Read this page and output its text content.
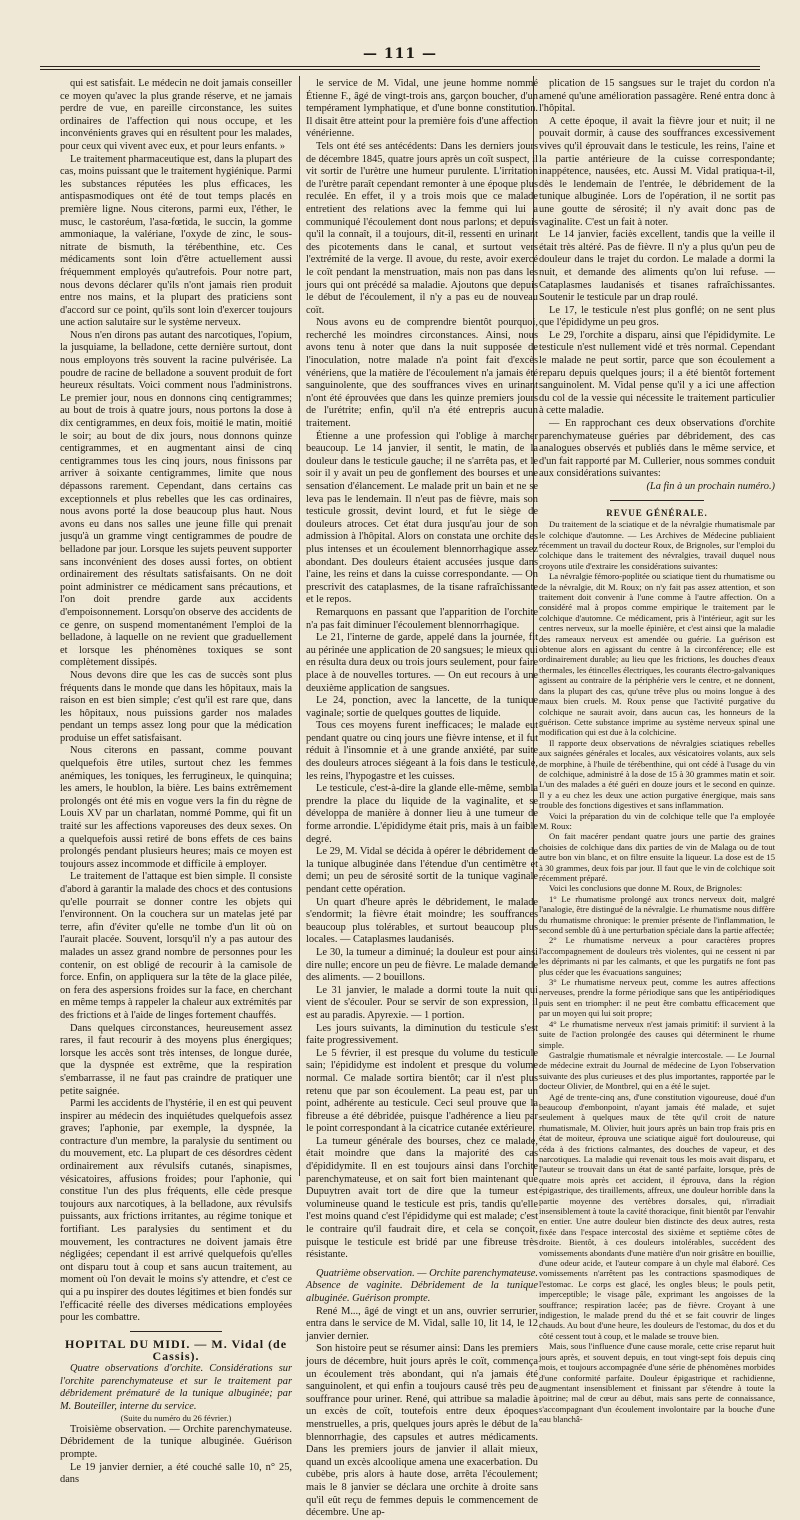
— 111 —

qui est satisfait. Le médecin ne doit jamais conseiller ce moyen qu'avec la plus grande réserve, et ne jamais perdre de vue, en pareille circonstance, les suites ordinaires de l'affection qui nous occupe, et les inconvénients graves qui en résultent pour les malades, pour ceux qui vivent avec eux, et pour leurs enfants. »

Le traitement pharmaceutique est, dans la plupart des cas, moins puissant que le traitement hygiénique. Parmi les substances réputées les plus efficaces, les antispasmodiques ont été de tout temps placés en première ligne. Nous citerons, parmi eux, l'éther, le musc, le castoréum, l'asa-fœtida, le succin, la gomme ammoniaque, la valériane, l'oxyde de zinc, le sous-nitrate de bismuth, la térébenthine, etc. Ces médicaments sont loin d'être actuellement aussi fréquemment employés qu'autrefois. Pour notre part, nous devons déclarer qu'ils n'ont jamais rien produit entre nos mains, et la plupart des praticiens sont d'accord sur ce point, qu'ils sont loin d'exercer toujours une action salutaire sur le système nerveux.

Nous n'en dirons pas autant des narcotiques, l'opium, la jusquiame, la belladone, cette dernière surtout, dont nous employons très souvent la racine pulvérisée. La poudre de racine de belladone a souvent produit de fort heureux résultats. Voici comment nous l'administrons. Le premier jour, nous en donnons cinq centigrammes; au bout de trois à quatre jours, nous portons la dose à dix centigrammes, en deux fois, moitié le matin, moitié le soir; au bout de dix jours, nous donnons quinze centigrammes, et en augmentant ainsi de cinq centigrammes tous les cinq jours, nous finissons par arriver à soixante centigrammes, limite que nous dépassons rarement. Cependant, dans certains cas exceptionnels et plus rebelles que les cas ordinaires, nous avons porté la dose beaucoup plus haut. Nous avons eu dans nos salles une jeune fille qui prenait jusqu'à un gramme vingt centigrammes de poudre de belladone par jour. Lorsque les sujets peuvent supporter sans inconvénient des doses aussi fortes, on obtient ordinairement des résultats satisfaisants. On ne doit point administrer ce médicament sans précautions, et l'on doit prendre garde aux accidents d'empoisonnement. Lorsqu'on observe des accidents de ce genre, on suspend momentanément l'emploi de la belladone, à laquelle on ne revient que graduellement et lorsque les phénomènes toxiques se sont complètement dissipés.

Nous devons dire que les cas de succès sont plus fréquents dans le monde que dans les hôpitaux, mais la raison en est bien simple; c'est qu'il est rare que, dans les hôpitaux, nous puissions garder nos malades pendant un temps assez long pour que la médication produise un effet satisfaisant.

Nous citerons en passant, comme pouvant quelquefois être utiles, surtout chez les femmes anémiques, les toniques, les ferrugineux, le quinquina; les amers, le houblon, la bière. Les bains extrêmement prolongés ont été mis en vogue vers la fin du règne de Louis XV par un charlatan, nommé Pomme, qui fit un traité sur les affections vaporeuses des deux sexes. On a quelquefois aussi retiré de bons effets de ces bains prolongés pendant plusieurs heures; mais ce moyen est toujours assez incommode et difficile à employer.

Le traitement de l'attaque est bien simple. Il consiste d'abord à garantir la malade des chocs et des contusions qu'elle pourrait se donner contre les objets qui l'environnent. On la couchera sur un matelas jeté par terre, afin d'éviter qu'elle ne tombe d'un lit où on l'aurait placée. Souvent, lorsqu'il n'y a pas autour des malades un assez grand nombre de personnes pour les contenir, on est obligé de recourir à la camisole de force. Enfin, on appliquera sur la tête de la glace pilée, on fera des aspersions froides sur la face, en cherchant en même temps à rappeler la chaleur aux extrémités par des frictions et à l'aide de linges fortement chauffés.

Dans quelques circonstances, heureusement assez rares, il faut recourir à des moyens plus énergiques; lorsque les accès sont très intenses, de longue durée, que la dyspnée est extrême, que la respiration s'embarrasse, il ne faut pas craindre de pratiquer une petite saignée.

Parmi les accidents de l'hystérie, il en est qui peuvent inspirer au médecin des inquiétudes quelquefois assez graves; l'aphonie, par exemple, la dyspnée, la contracture d'un membre, la paralysie du sentiment ou du mouvement, etc. La plupart de ces désordres cèdent ordinairement aux révulsifs cutanés, sinapismes, vésicatoires, affusions froides; pour l'aphonie, qui constitue l'un des plus fréquents, elle cède presque toujours aux narcotiques, à la belladone, aux révulsifs puissants, aux frictions irritantes, au régime tonique et fortifiant. Les paralysies du sentiment et du mouvement, les contractures ne doivent jamais être négligées; cependant il est arrivé quelquefois qu'elles ont disparu tout à coup et sans aucun traitement, au moment où l'on devait le moins s'y attendre, et c'est ce qui a pu inspirer des doutes légitimes et bien fondés sur l'efficacité réelle des diverses médications employées pour les combattre.

HOPITAL DU MIDI. — M. Vidal (de Cassis).

Quatre observations d'orchite. Considérations sur l'orchite parenchymateuse et sur le traitement par débridement prématuré de la tunique albuginée; par M. Bouteiller, interne du service.

(Suite du numéro du 26 février.)

Troisième observation. — Orchite parenchymateuse. Débridement de la tunique albuginée. Guérison prompte.

Le 19 janvier dernier, a été couché salle 10, n° 25, dans

le service de M. Vidal, une jeune homme nommé Étienne F., âgé de vingt-trois ans, garçon boucher, d'un tempérament lymphatique, et d'une bonne constitution. Il disait être atteint pour la première fois d'une affection vénérienne.

Tels ont été ses antécédents: Dans les derniers jours de décembre 1845, quatre jours après un coït suspect, il vit sortir de l'urètre une humeur purulente. L'irritation de l'urètre paraît cependant remonter à une époque plus reculée. En effet, il y a trois mois que ce malade entretient des relations avec la femme qui lui a communiqué l'écoulement dont nous parlons; et depuis qu'il la connaît, il a toujours, dit-il, ressenti en urinant des picotements dans le canal, et surtout vers l'extrémité de la verge. Il avoue, du reste, avoir exercé le coït pendant la menstruation, mais non pas dans les jours qui ont précédé sa maladie. Ajoutons que depuis le début de l'écoulement, il n'y a pas eu de nouveau coït.

Nous avons eu de comprendre bientôt pourquoi, recherché les moindres circonstances. Ainsi, nous avons tenu à noter que dans la nuit supposée de l'inoculation, notre malade n'a point fait d'excès vénériens, que la matière de l'écoulement n'a jamais été sanguinolente, que des souffrances vives en urinant n'ont été éprouvées que dans les quinze premiers jours de l'urétrite; enfin, qu'il n'a été entrepris aucun traitement.

Étienne a une profession qui l'oblige à marcher beaucoup. Le 14 janvier, il sentit, le matin, de la douleur dans le testicule gauche; il ne s'arrêta pas, et le soir il y avait un peu de gonflement des bourses et une sensation d'élancement. Le malade prit un bain et ne se leva pas le lendemain. Il n'eut pas de fièvre, mais son testicule grossit, devint lourd, et fut le siège de douleurs atroces. Cet état dura jusqu'au jour de son admission à l'hôpital. Alors on constata une orchite des plus intenses et un écoulement blennorrhagique assez abondant. Des douleurs étaient accusées jusque dans l'aine, les reins et dans la cuisse correspondante. — On prescrivit des cataplasmes, de la tisane rafraîchissante et le repos.

Remarquons en passant que l'apparition de l'orchite n'a pas fait diminuer l'écoulement blennorrhagique.

Le 21, l'interne de garde, appelé dans la journée, fit au périnée une application de 20 sangsues; le mieux qui en résulta dura deux ou trois jours seulement, pour faire place à de nouvelles tortures. — On eut recours à une deuxième application de sangsues.

Le 24, ponction, avec la lancette, de la tunique vaginale; sortie de quelques gouttes de liquide.

Tous ces moyens furent inefficaces; le malade eut pendant quatre ou cinq jours une fièvre intense, et il fut réduit à l'insomnie et à une grande anxiété, par suite des douleurs atroces siégeant à la fois dans le testicule, les reins, l'hypogastre et les cuisses.

Le testicule, c'est-à-dire la glande elle-même, sembla prendre la place du liquide de la vaginalite, et se développa de manière à donner lieu à une tumeur de forme arrondie. L'épididyme était pris, mais à un faible degré.

Le 29, M. Vidal se décida à opérer le débridement de la tunique albuginée dans l'étendue d'un centimètre et demi; un peu de sérosité sortit de la tunique vaginale pendant cette opération.

Un quart d'heure après le débridement, le malade s'endormit; la fièvre était moindre; les souffrances beaucoup plus tolérables, et surtout beaucoup plus locales. — Cataplasmes laudanisés.

Le 30, la tumeur a diminué; la douleur est pour ainsi dire nulle; encore un peu de fièvre. Le malade demande des aliments. — 2 bouillons.

Le 31 janvier, le malade a dormi toute la nuit qui vient de s'écouler. Pour se servir de son expression, il est au paradis. Apyrexie. — 1 portion.

Les jours suivants, la diminution du testicule s'est faite progressivement.

Le 5 février, il est presque du volume du testicule sain; l'épididyme est indolent et presque du volume normal. Ce malade sortira bientôt; car il n'est plus retenu que par son écoulement. La peau est, par un point, adhérente au testicule. Ceci seul prouve que la fibreuse a été débridée, puisque l'adhérence a lieu par le point correspondant à la cicatrice cutanée extérieure.

La tumeur générale des bourses, chez ce malade, était moindre que dans la majorité des cas d'épididymite. Il en est toujours ainsi dans l'orchite parenchymateuse, et on sait fort bien maintenant que Dupuytren avait tort de dire que la tumeur est volumineuse quand le testicule est pris, tandis qu'elle l'est moins quand c'est l'épididyme qui est malade; c'est le contraire qu'il faudrait dire, et cela se conçoit, puisque le testicule est bridé par une fibreuse très résistante.

Quatrième observation. — Orchite parenchymateuse. Absence de vaginite. Débridement de la tunique albuginée. Guérison prompte.

René M..., âgé de vingt et un ans, ouvrier serrurier, entra dans le service de M. Vidal, salle 10, lit 14, le 12 janvier dernier.

Son histoire peut se résumer ainsi: Dans les premiers jours de décembre, huit jours après le coït, commença un écoulement très abondant, qui n'a jamais été sanguinolent, et qui enfin a toujours causé très peu de souffrance pour uriner. René, qui attribue sa maladie à un excès de coït, toutefois entre deux époques menstruelles, a pris, quelques jours après le début de la blennorrhagie, des capsules et autres médicaments. Dans les premiers jours de janvier il allait mieux, quand un excès alcoolique amena une exacerbation. Du cubèbe, pris alors à haute dose, arrêta l'écoulement; mais le 8 janvier se déclara une orchite à droite sans qu'il eût reçu de femmes depuis le commencement de décembre. Une ap-

plication de 15 sangsues sur le trajet du cordon n'a amené qu'une amélioration passagère. René entra donc à l'hôpital.

A cette époque, il avait la fièvre jour et nuit; il ne pouvait dormir, à cause des souffrances excessivement vives qu'il éprouvait dans le testicule, les reins, l'aine et la partie antérieure de la cuisse correspondante; inappétence, nausées, etc. Aussi M. Vidal pratiqua-t-il, dès le lendemain de l'entrée, le débridement de la tunique albuginée. Lors de l'opération, il ne sortit pas une goutte de sérosité; il n'y avait donc pas de vaginalite. C'est un fait à noter.

Le 14 janvier, faciès excellent, tandis que la veille il était très altéré. Pas de fièvre. Il n'y a plus qu'un peu de douleur dans le trajet du cordon. Le malade a dormi la nuit, et demande des aliments qu'on lui refuse. — Cataplasmes laudanisés et tisanes rafraîchissantes. Soutenir le testicule par un drap roulé.

Le 17, le testicule n'est plus gonflé; on ne sent plus que l'épididyme un peu gros.

Le 29, l'orchite a disparu, ainsi que l'épididymite. Le testicule n'est nullement vidé et très normal. Cependant le malade ne peut sortir, parce que son écoulement a reparu depuis quelques jours; il a été bientôt fortement sanguinolent. M. Vidal pense qu'il y a ici une affection du col de la vessie qui nécessite le traitement particulier à cette maladie.

— En rapprochant ces deux observations d'orchite parenchymateuse guéries par débridement, des cas analogues observés et publiés dans le même service, et d'un fait rapporté par M. Cullerier, nous sommes conduit aux considérations suivantes:

(La fin à un prochain numéro.)

REVUE GÉNÉRALE.

Du traitement de la sciatique et de la névralgie rhumatismale par le colchique d'automne. — Les Archives de Médecine publiaient récemment un travail du docteur Roux, de Brignoles, sur l'emploi du colchique dans le traitement des névralgies, travail duquel nous croyons utile d'extraire les considérations suivantes:

La névralgie fémoro-poplitée ou sciatique tient du rhumatisme ou de la névralgie, dit M. Roux; on n'y fait pas assez attention, et son traitement doit convenir à l'une comme à l'autre affection. On a considéré mal à propos comme empirique le traitement par le colchique d'automne. Ce médicament, pris à l'intérieur, agit sur les centres nerveux, sur la moelle épinière, et c'est ainsi que la maladie des rameaux nerveux est amendée ou guérie. La guérison est obtenue alors en agissant du centre à la circonférence; elle est ordinairement durable; au lieu que les frictions, les douches d'eaux thermales, les étincelles électriques, les courants électro-galvaniques agissent au contraire de la périphérie vers le centre, et ne donnent, dans la plupart des cas, qu'une trêve plus ou moins longue à des maux bien cruels. M. Roux pense que l'activité purgative du colchique ne saurait avoir, dans aucun cas, les honneurs de la guérison. Cette substance imprime au système nerveux spinal une modification qui est due à la colchicine.

Il rapporte deux observations de névralgies sciatiques rebelles aux saignées générales et locales, aux vésicatoires volants, aux sels de morphine, à l'huile de térébenthine, qui ont cédé à l'usage du vin de colchique, administré à la dose de 15 à 30 grammes matin et soir. L'un des malades a été guéri en douze jours et le second en quinze. Il y a eu chez les deux une action purgative énergique, mais sans trouble des fonctions digestives et sans inflammation.

Voici la préparation du vin de colchique telle que l'a employée M. Roux:

On fait macérer pendant quatre jours une partie des graines choisies de colchique dans dix parties de vin de Malaga ou de tout autre bon vin blanc, et on filtre ensuite la liqueur. La dose est de 15 à 30 grammes, deux fois par jour. Il faut que le vin de colchique soit récemment préparé.

Voici les conclusions que donne M. Roux, de Brignoles:

1° Le rhumatisme prolongé aux troncs nerveux doit, malgré l'analogie, être distingué de la névralgie. Le rhumatisme nous diffère du rhumatisme chronique: le premier présente de l'inflammation, le second semble dû à une perturbation spéciale dans la partie affectée;

2° Le rhumatisme nerveux a pour caractères propres l'accompagnement de douleurs très violentes, qui ne cessent ni par les déprimants ni par les calmants, et que les purgatifs ne font pas plus céder que les évacuations sanguines;

3° Le rhumatisme nerveux peut, comme les autres affections nerveuses, prendre la forme périodique sans que les antipériodiques puis sent en triompher: il ne peut être combattu efficacement que par un moyen qui lui soit propre;

4° Le rhumatisme nerveux n'est jamais primitif: il survient à la suite de l'action prolongée des causes qui déterminent le rhume simple.

Gastralgie rhumatismale et névralgie intercostale. — Le Journal de médecine extrait du Journal de médecine de Lyon l'observation suivante des plus curieuses et des plus importantes, rapportée par le docteur Olivier, de Montbrel, qui en a été le sujet.

Agé de trente-cinq ans, d'une constitution vigoureuse, doué d'un beaucoup d'embonpoint, n'ayant jamais été malade, et sujet seulement à quelques maux de tête qu'il croit de nature rhumatismale, M. Olivier, huit jours après un bain trop frais pris en état de moiteur, éprouva une sciatique aiguë fort douloureuse, qui céda à des frictions calmantes, des douches de vapeur, et des narcotiques. La maladie qui revenait tous les mois avait disparu, et l'auteur se trouvait dans un état de santé parfaite, lorsque, près de quatre mois après cet accident, il éprouva, dans la région épigastrique, des tiraillements, affreux, une douleur horrible dans la partie moyenne des vertèbres dorsales, qui, n'irradiait insensiblement à toute la cavité thoracique, finit bientôt par l'envahir en entier. Une autre douleur bien distincte des deux autres, resta fixée dans l'espace intercostal des sixième et septième côtes de droite. Bientôt, à ces douleurs intolérables, succédent des vomissements abondants d'une matière d'un noir grisâtre en bouillie, d'une odeur acide, et l'auteur compare à un chyle mal élaboré. Ces vomissements n'arrêtent pas les contractions spasmodiques de l'estomac. Le corps est glacé, les ongles bleus; le pouls petit, imperceptible; le visage pâle, exprimant les angoisses de la souffrance; respiration lacée; pas de fièvre. Croyant à une indigestion, le malade prend du thé et se fait couvrir de linges chauds. Au bout d'une heure, les douleurs de l'estomac, du dos et du côté cessent tout à coup, et le malade se trouve bien.

Mais, sous l'influence d'une cause morale, cette crise reparut huit jours après, et souvent depuis, en tout vingt-sept fois depuis cinq mois, et toujours accompagnée d'une série de phénomènes morbides d'une conformité parfaite. Douleur épigastrique et rachidienne, augmentant insensiblement et finissant par s'étendre à toute la poitrine; mal de cœur au début, mais sans perte de connaissance, s'accompagnant d'un écoulement involontaire par la bouche d'une eau blanchâ-
